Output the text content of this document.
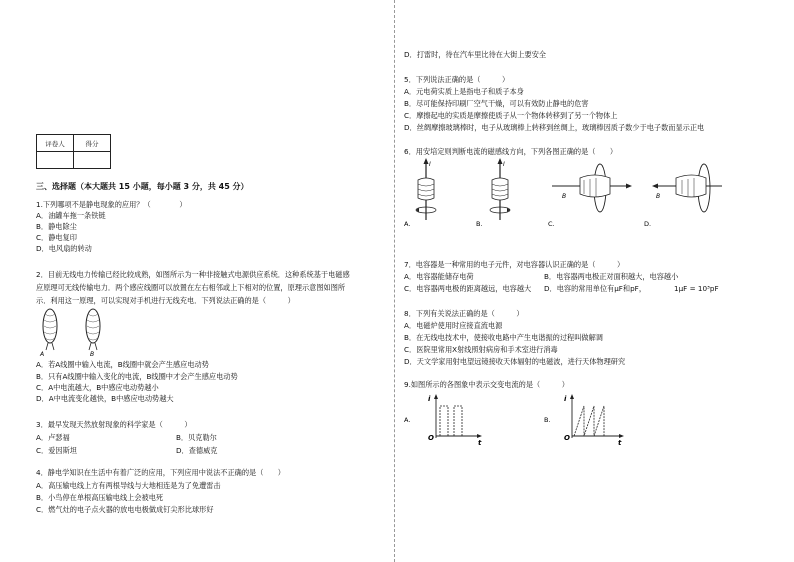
评卷人	得分

三、选择题（本大题共 15 小题，每小题 3 分，共 45 分）
1.下列哪项不是静电现象的应用？（　　　　）
A．油罐车拖一条铁链
B．静电除尘
C．静电复印
D．电风扇的转动
2．目前无线电力传输已经比较成熟，如图所示为一种非接触式电源供应系统．这种系统基于电磁感
应原理可无线传输电力．两个感应线圈可以放置在左右相邻或上下相对的位置，原理示意图如图所
示．利用这一原理，可以实现对手机进行无线充电．下列说法正确的是（　　　）
A	B
A．若A线圈中输入电流，B线圈中就会产生感应电动势
B．只有A线圈中输入变化的电流，B线圈中才会产生感应电动势
C．A中电流越大，B中感应电动势越小
D．A中电流变化越快，B中感应电动势越大
3．最早发现天然放射现象的科学家是（　　　）
A．卢瑟福	B．贝克勒尔
C．爱因斯坦	D．查德威克
4．静电学知识在生活中有着广泛的应用，下列应用中说法不正确的是（　　）
A．高压输电线上方有两根导线与大地相连是为了免遭雷击
B．小鸟停在单根高压输电线上会被电死
C．燃气灶的电子点火器的放电电极做成钉尖形比球形好
D．打雷时，待在汽车里比待在大街上要安全
5．下列说法正确的是（　　　）
A．元电荷实质上是指电子和质子本身
B．尽可能保持印刷厂空气干燥，可以有效防止静电的危害
C．摩擦起电的实质是摩擦使质子从一个物体转移到了另一个物体上
D．丝绸摩擦玻璃棒时，电子从玻璃棒上转移到丝绸上，玻璃棒因质子数少于电子数而显示正电
6．用安培定则判断电流的磁感线方向，下列各图正确的是（　　）
I
A.
I
B.
B
C.
B
D.
7．电容器是一种常用的电子元件，对电容器认识正确的是（　　　）
A．电容器能储存电荷	B．电容器两电极正对面积越大，电容越小
C．电容器两电极的距离越远，电容越大 D．电容的常用单位有μF和pF，	1μF = 10³pF
8．下列有关说法正确的是（　　　）
A．电磁炉使用时应接直流电源
B．在无线电技术中，使接收电路中产生电谐振的过程叫做解调
C．医院里常用X射线照射病房和手术室进行消毒
D．天文学家用射电望远镜接收天体辐射的电磁波，进行天体物理研究
9.如图所示的各图象中表示交变电流的是（　　　）
A.
i
t
O
B.
i
t
O
